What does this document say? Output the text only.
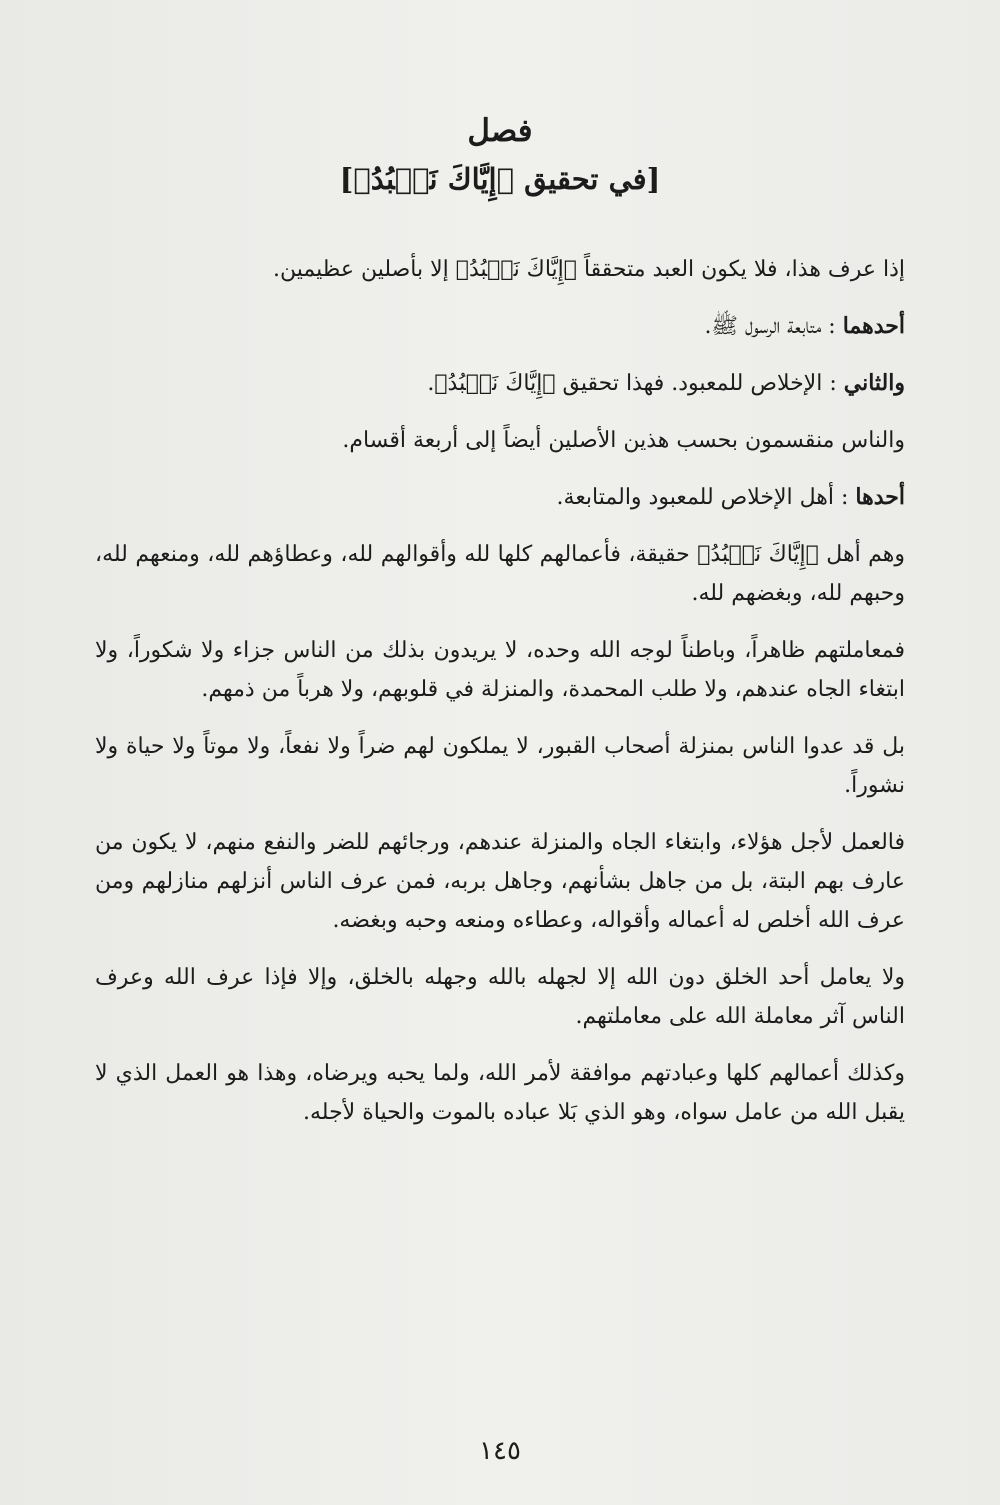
فصل
[في تحقيق ﴿إِيَّاكَ نَعۡبُدُ﴾]

إذا عرف هذا، فلا يكون العبد متحققاً ﴿إِيَّاكَ نَعۡبُدُ﴾ إلا بأصلين عظيمين.

أحدهما : متابعة الرسول ﷺ.

والثاني : الإخلاص للمعبود. فهذا تحقيق ﴿إِيَّاكَ نَعۡبُدُ﴾.

والناس منقسمون بحسب هذين الأصلين أيضاً إلى أربعة أقسام.

أحدها : أهل الإخلاص للمعبود والمتابعة.

وهم أهل ﴿إِيَّاكَ نَعۡبُدُ﴾ حقيقة، فأعمالهم كلها لله وأقوالهم لله، وعطاؤهم لله، ومنعهم لله، وحبهم لله، وبغضهم لله.

فمعاملتهم ظاهراً، وباطناً لوجه الله وحده، لا يريدون بذلك من الناس جزاء ولا شكوراً، ولا ابتغاء الجاه عندهم، ولا طلب المحمدة، والمنزلة في قلوبهم، ولا هرباً من ذمهم.

بل قد عدوا الناس بمنزلة أصحاب القبور، لا يملكون لهم ضراً ولا نفعاً، ولا موتاً ولا حياة ولا نشوراً.

فالعمل لأجل هؤلاء، وابتغاء الجاه والمنزلة عندهم، ورجائهم للضر والنفع منهم، لا يكون من عارف بهم البتة، بل من جاهل بشأنهم، وجاهل بربه، فمن عرف الناس أنزلهم منازلهم ومن عرف الله أخلص له أعماله وأقواله، وعطاءه ومنعه وحبه وبغضه.

ولا يعامل أحد الخلق دون الله إلا لجهله بالله وجهله بالخلق، وإلا فإذا عرف الله وعرف الناس آثر معاملة الله على معاملتهم.

وكذلك أعمالهم كلها وعبادتهم موافقة لأمر الله، ولما يحبه ويرضاه، وهذا هو العمل الذي لا يقبل الله من عامل سواه، وهو الذي بَلا عباده بالموت والحياة لأجله.

١٤٥
